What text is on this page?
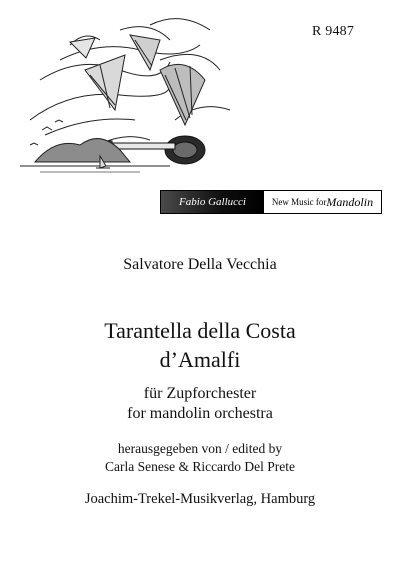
R 9487
Fabio Gallucci	New Music for Mandolin
Salvatore Della Vecchia
Tarantella della Costa
d’Amalfi
für Zupforchester
for mandolin orchestra
herausgegeben von / edited by
Carla Senese & Riccardo Del Prete
Joachim-Trekel-Musikverlag, Hamburg
